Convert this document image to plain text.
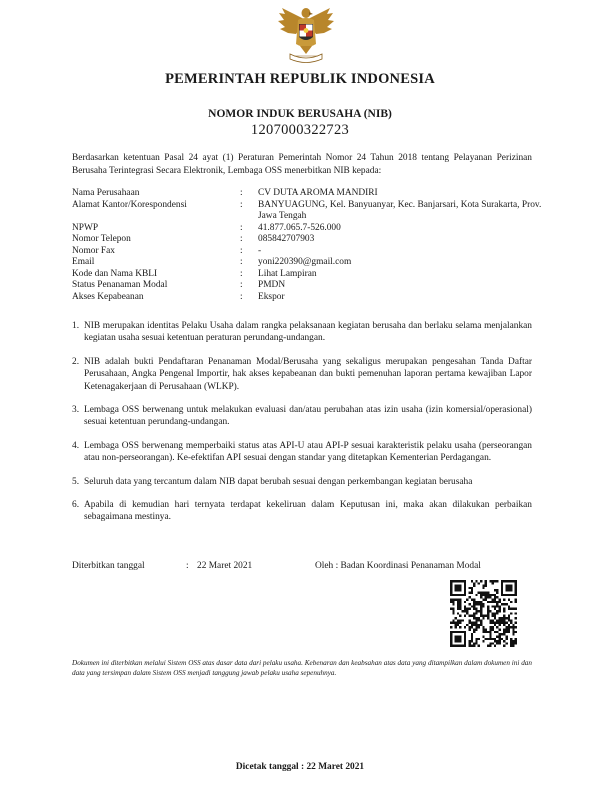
PEMERINTAH REPUBLIK INDONESIA
NOMOR INDUK BERUSAHA (NIB)
1207000322723
Berdasarkan ketentuan Pasal 24 ayat (1) Peraturan Pemerintah Nomor 24 Tahun 2018 tentang Pelayanan Perizinan Berusaha Terintegrasi Secara Elektronik, Lembaga OSS menerbitkan NIB kepada:
Nama Perusahaan	: CV DUTA AROMA MANDIRI
Alamat Kantor/Korespondensi	: BANYUAGUNG, Kel. Banyuanyar, Kec. Banjarsari, Kota Surakarta, Prov. Jawa Tengah
NPWP	: 41.877.065.7-526.000
Nomor Telepon	: 085842707903
Nomor Fax	: -
Email	: yoni220390@gmail.com
Kode dan Nama KBLI	: Lihat Lampiran
Status Penanaman Modal	: PMDN
Akses Kepabeanan	: Ekspor
1. NIB merupakan identitas Pelaku Usaha dalam rangka pelaksanaan kegiatan berusaha dan berlaku selama menjalankan kegiatan usaha sesuai ketentuan peraturan perundang-undangan.
2. NIB adalah bukti Pendaftaran Penanaman Modal/Berusaha yang sekaligus merupakan pengesahan Tanda Daftar Perusahaan, Angka Pengenal Importir, hak akses kepabeanan dan bukti pemenuhan laporan pertama kewajiban Lapor Ketenagakerjaan di Perusahaan (WLKP).
3. Lembaga OSS berwenang untuk melakukan evaluasi dan/atau perubahan atas izin usaha (izin komersial/operasional) sesuai ketentuan perundang-undangan.
4. Lembaga OSS berwenang memperbaiki status atas API-U atau API-P sesuai karakteristik pelaku usaha (perseorangan atau non-perseorangan). Ke-efektifan API sesuai dengan standar yang ditetapkan Kementerian Perdagangan.
5. Seluruh data yang tercantum dalam NIB dapat berubah sesuai dengan perkembangan kegiatan berusaha
6. Apabila di kemudian hari ternyata terdapat kekeliruan dalam Keputusan ini, maka akan dilakukan perbaikan sebagaimana mestinya.
Diterbitkan tanggal	: 22 Maret 2021	Oleh : Badan Koordinasi Penanaman Modal
Dokumen ini diterbitkan melalui Sistem OSS atas dasar data dari pelaku usaha. Kebenaran dan keabsahan atas data yang ditampilkan dalam dokumen ini dan data yang tersimpan dalam Sistem OSS menjadi tanggung jawab pelaku usaha sepenuhnya.
Dicetak tanggal : 22 Maret 2021
